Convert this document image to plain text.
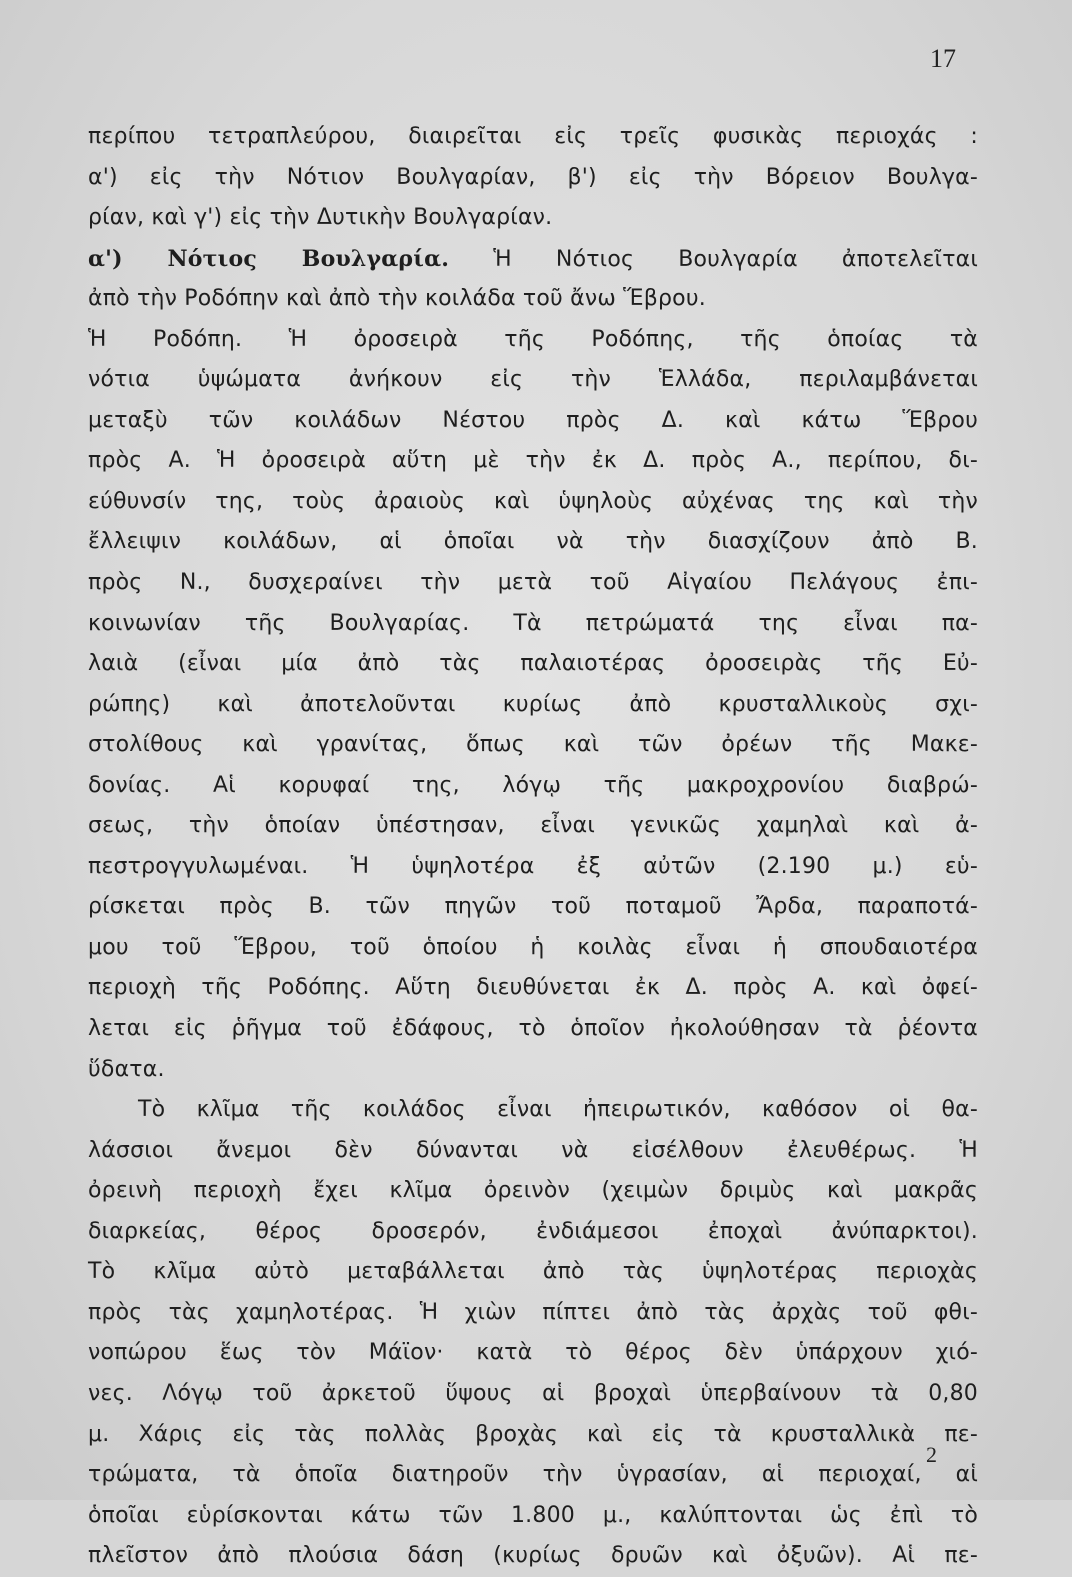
17
περίπου τετραπλεύρου, διαιρεῖται εἰς τρεῖς φυσικὰς περιοχάς :
α') εἰς τὴν Νότιον Βουλγαρίαν, β') εἰς τὴν Βόρειον Βουλγα-
ρίαν, καὶ γ') εἰς τὴν Δυτικὴν Βουλγαρίαν.
α') Νότιος Βουλγαρία. Ἡ Νότιος Βουλγαρία ἀποτελεῖται
ἀπὸ τὴν Ροδόπην καὶ ἀπὸ τὴν κοιλάδα τοῦ ἄνω Ἕβρου.
Ἡ Ροδόπη. Ἡ ὀροσειρὰ τῆς Ροδόπης, τῆς ὁποίας τὰ
νότια ὑψώματα ἀνήκουν εἰς τὴν Ἑλλάδα, περιλαμβάνεται
μεταξὺ τῶν κοιλάδων Νέστου πρὸς Δ. καὶ κάτω Ἕβρου
πρὸς Α. Ἡ ὀροσειρὰ αὕτη μὲ τὴν ἐκ Δ. πρὸς Α., περίπου, δι-
εύθυνσίν της, τοὺς ἀραιοὺς καὶ ὑψηλοὺς αὐχένας της καὶ τὴν
ἔλλειψιν κοιλάδων, αἱ ὁποῖαι νὰ τὴν διασχίζουν ἀπὸ Β.
πρὸς Ν., δυσχεραίνει τὴν μετὰ τοῦ Αἰγαίου Πελάγους ἐπι-
κοινωνίαν τῆς Βουλγαρίας. Τὰ πετρώματά της εἶναι πα-
λαιὰ (εἶναι μία ἀπὸ τὰς παλαιοτέρας ὀροσειρὰς τῆς Εὐ-
ρώπης) καὶ ἀποτελοῦνται κυρίως ἀπὸ κρυσταλλικοὺς σχι-
στολίθους καὶ γρανίτας, ὅπως καὶ τῶν ὀρέων τῆς Μακε-
δονίας. Αἱ κορυφαί της, λόγῳ τῆς μακροχρονίου διαβρώ-
σεως, τὴν ὁποίαν ὑπέστησαν, εἶναι γενικῶς χαμηλαὶ καὶ ἀ-
πεστρογγυλωμέναι. Ἡ ὑψηλοτέρα ἐξ αὐτῶν (2.190 μ.) εὑ-
ρίσκεται πρὸς Β. τῶν πηγῶν τοῦ ποταμοῦ Ἄρδα, παραποτά-
μου τοῦ Ἕβρου, τοῦ ὁποίου ἡ κοιλὰς εἶναι ἡ σπουδαιοτέρα
περιοχὴ τῆς Ροδόπης. Αὕτη διευθύνεται ἐκ Δ. πρὸς Α. καὶ ὀφεί-
λεται εἰς ῥῆγμα τοῦ ἐδάφους, τὸ ὁποῖον ἠκολούθησαν τὰ ῥέοντα
ὕδατα.
Τὸ κλῖμα τῆς κοιλάδος εἶναι ἠπειρωτικόν, καθόσον οἱ θα-
λάσσιοι ἄνεμοι δὲν δύνανται νὰ εἰσέλθουν ἐλευθέρως. Ἡ
ὀρεινὴ περιοχὴ ἔχει κλῖμα ὀρεινὸν (χειμὼν δριμὺς καὶ μακρᾶς
διαρκείας, θέρος δροσερόν, ἐνδιάμεσοι ἐποχαὶ ἀνύπαρκτοι).
Τὸ κλῖμα αὐτὸ μεταβάλλεται ἀπὸ τὰς ὑψηλοτέρας περιοχὰς
πρὸς τὰς χαμηλοτέρας. Ἡ χιὼν πίπτει ἀπὸ τὰς ἀρχὰς τοῦ φθι-
νοπώρου ἕως τὸν Μάϊον· κατὰ τὸ θέρος δὲν ὑπάρχουν χιό-
νες. Λόγῳ τοῦ ἀρκετοῦ ὕψους αἱ βροχαὶ ὑπερβαίνουν τὰ 0,80
μ. Χάρις εἰς τὰς πολλὰς βροχὰς καὶ εἰς τὰ κρυσταλλικὰ πε-
τρώματα, τὰ ὁποῖα διατηροῦν τὴν ὑγρασίαν, αἱ περιοχαί, αἱ
ὁποῖαι εὑρίσκονται κάτω τῶν 1.800 μ., καλύπτονται ὡς ἐπὶ τὸ
πλεῖστον ἀπὸ πλούσια δάση (κυρίως δρυῶν καὶ ὀξυῶν). Αἱ πε-
2
